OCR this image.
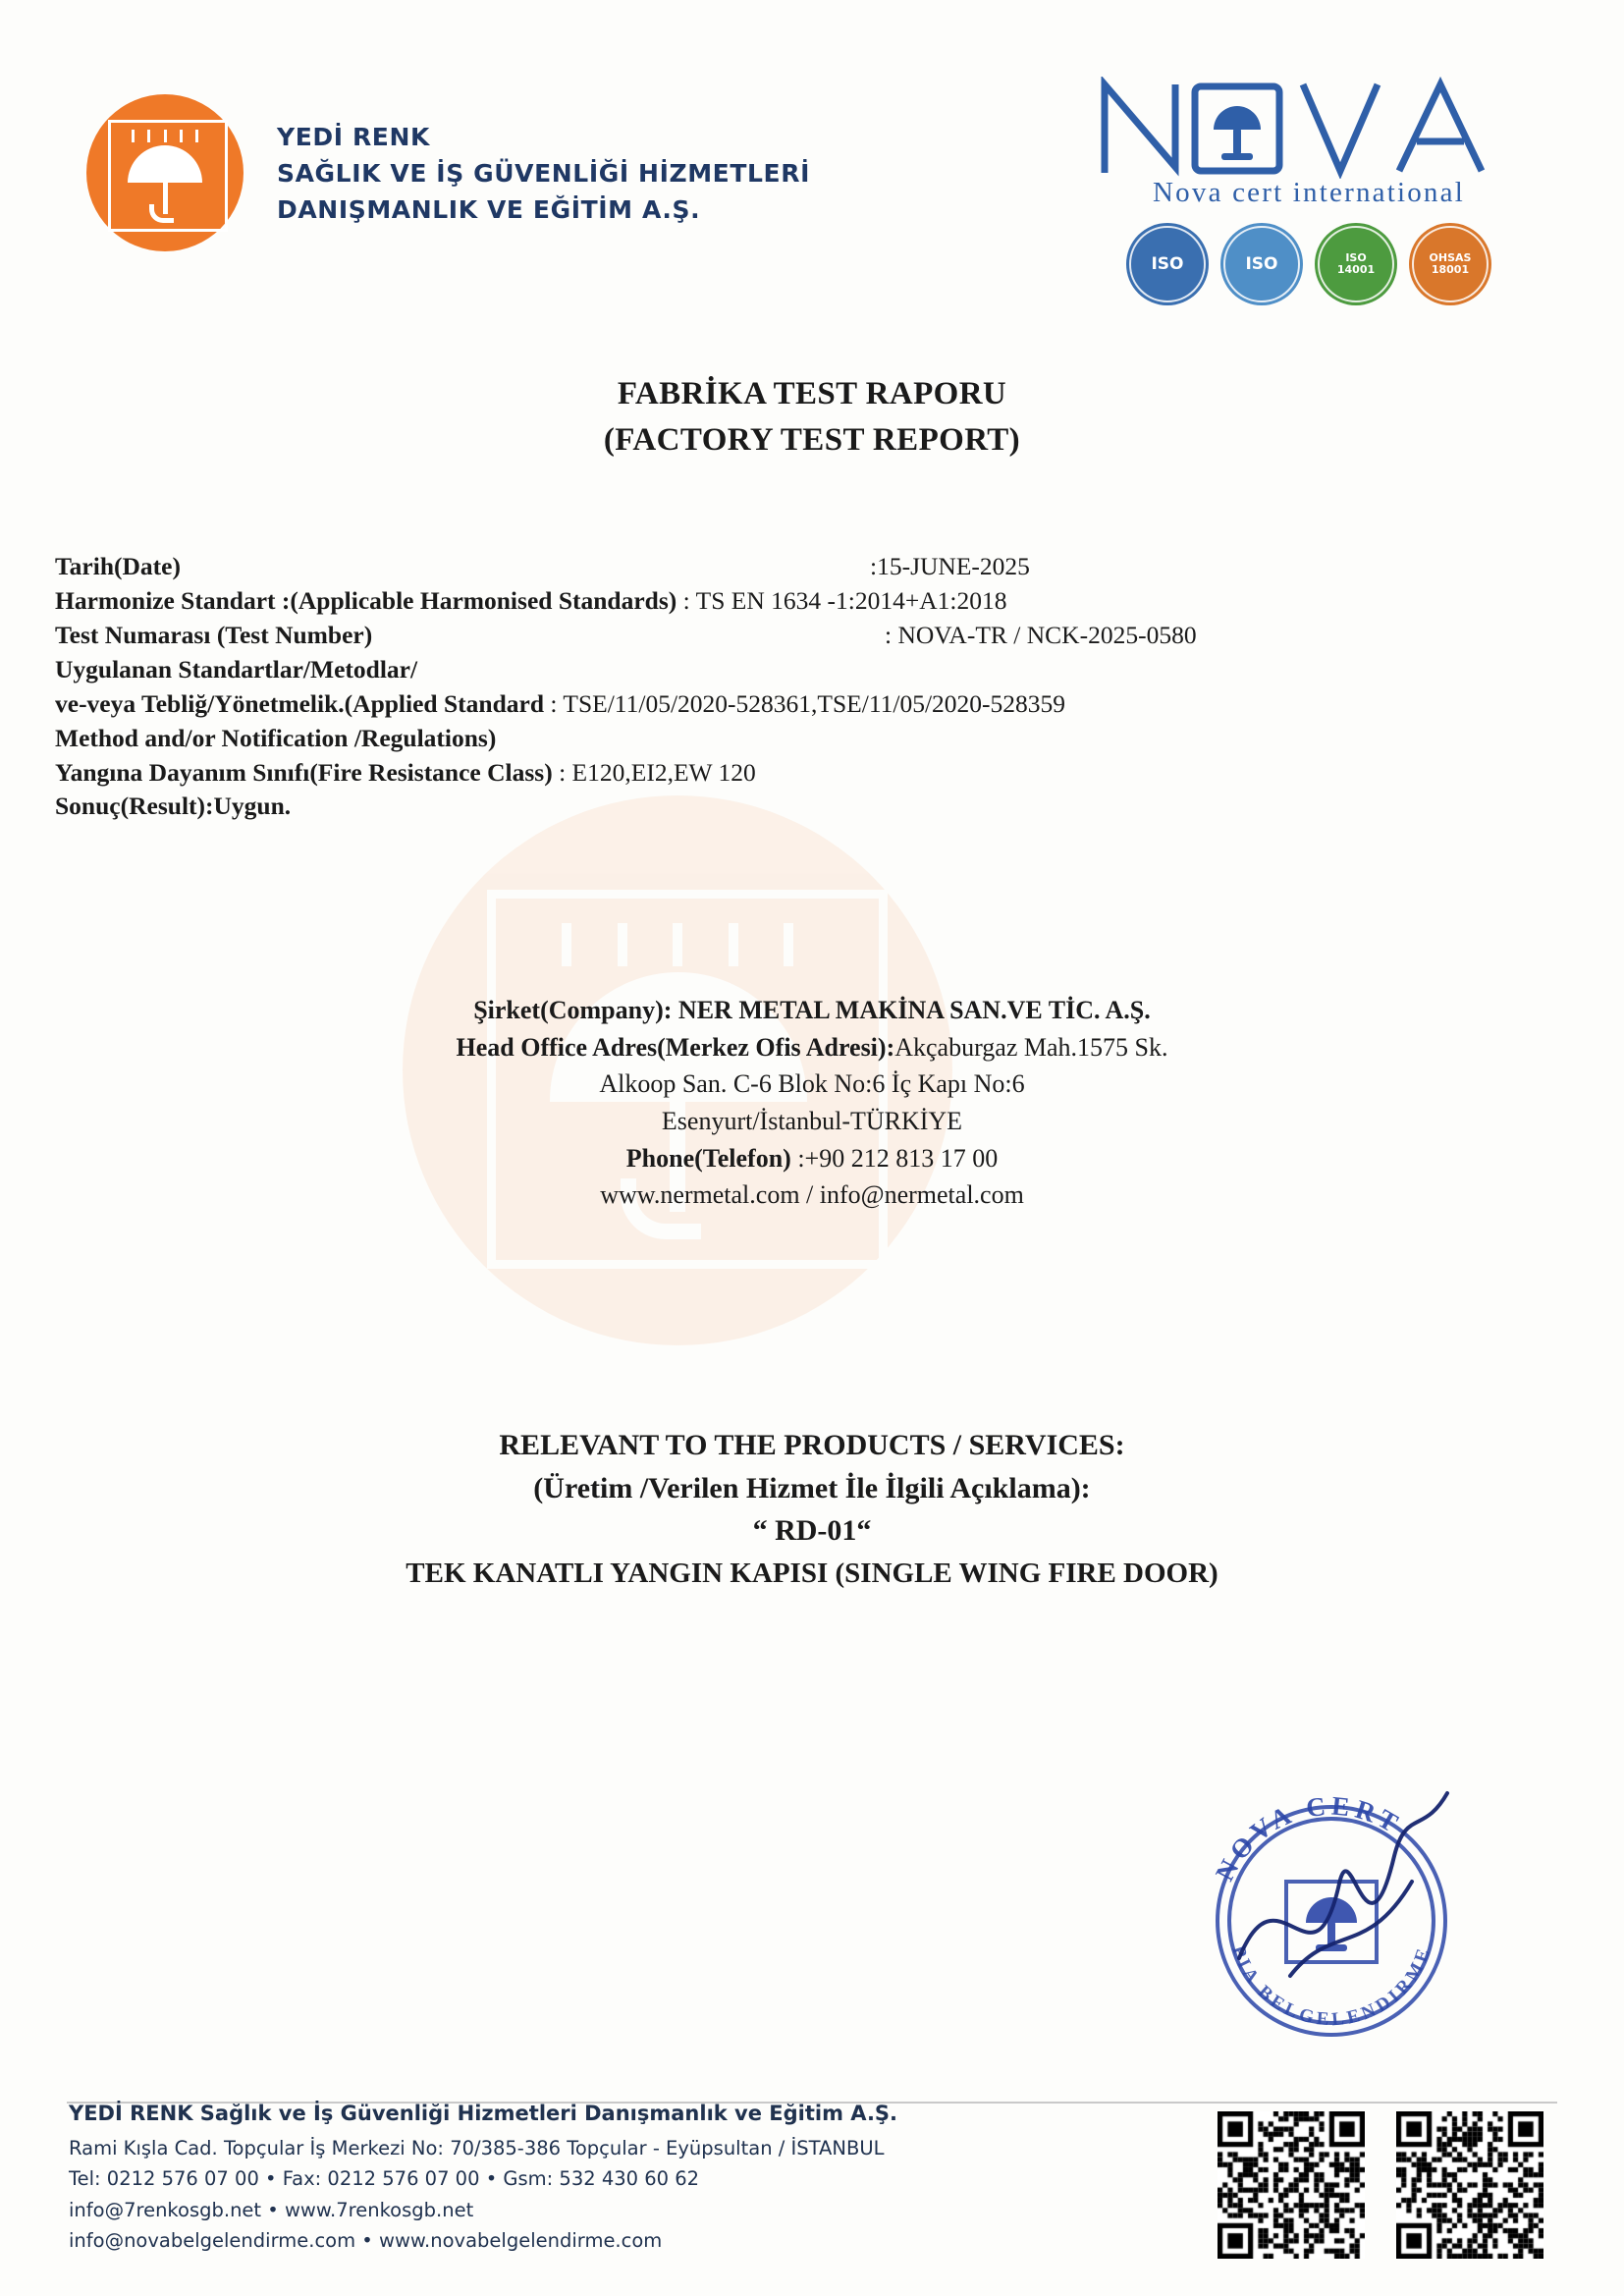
YEDİ RENK
SAĞLIK VE İŞ GÜVENLİĞİ HİZMETLERİ
DANIŞMANLIK VE EĞİTİM A.Ş.
Nova cert international
ISO	ISO	ISO
14001
OHSAS
18001
FABRİKA TEST RAPORU
(FACTORY TEST REPORT)
Tarih(Date)	:15-JUNE-2025
Harmonize Standart :(Applicable Harmonised Standards) : TS EN 1634 -1:2014+A1:2018
Test Numarası (Test Number)	: NOVA-TR / NCK-2025-0580
Uygulanan Standartlar/Metodlar/
ve-veya Tebliğ/Yönetmelik.(Applied Standard : TSE/11/05/2020-528361,TSE/11/05/2020-528359
Method and/or Notification /Regulations)
Yangına Dayanım Sınıfı(Fire Resistance Class) : E120,EI2,EW 120
Sonuç(Result):Uygun.
Şirket(Company): NER METAL MAKİNA SAN.VE TİC. A.Ş.
Head Office Adres(Merkez Ofis Adresi):Akçaburgaz Mah.1575 Sk.
Alkoop San. C-6 Blok No:6 İç Kapı No:6
Esenyurt/İstanbul-TÜRKİYE
Phone(Telefon) :+90 212 813 17 00
www.nermetal.com / info@nermetal.com
RELEVANT TO THE PRODUCTS / SERVICES:
(Üretim /Verilen Hizmet İle İlgili Açıklama):
“ RD-01“
TEK KANATLI YANGIN KAPISI (SINGLE WING FIRE DOOR)
NOVA CERT
PIA BELGELENDIRME
YEDİ RENK Sağlık ve İş Güvenliği Hizmetleri Danışmanlık ve Eğitim A.Ş.
Rami Kışla Cad. Topçular İş Merkezi No: 70/385-386 Topçular - Eyüpsultan / İSTANBUL
Tel: 0212 576 07 00 • Fax: 0212 576 07 00 • Gsm: 532 430 60 62
info@7renkosgb.net • www.7renkosgb.net
info@novabelgelendirme.com • www.novabelgelendirme.com
